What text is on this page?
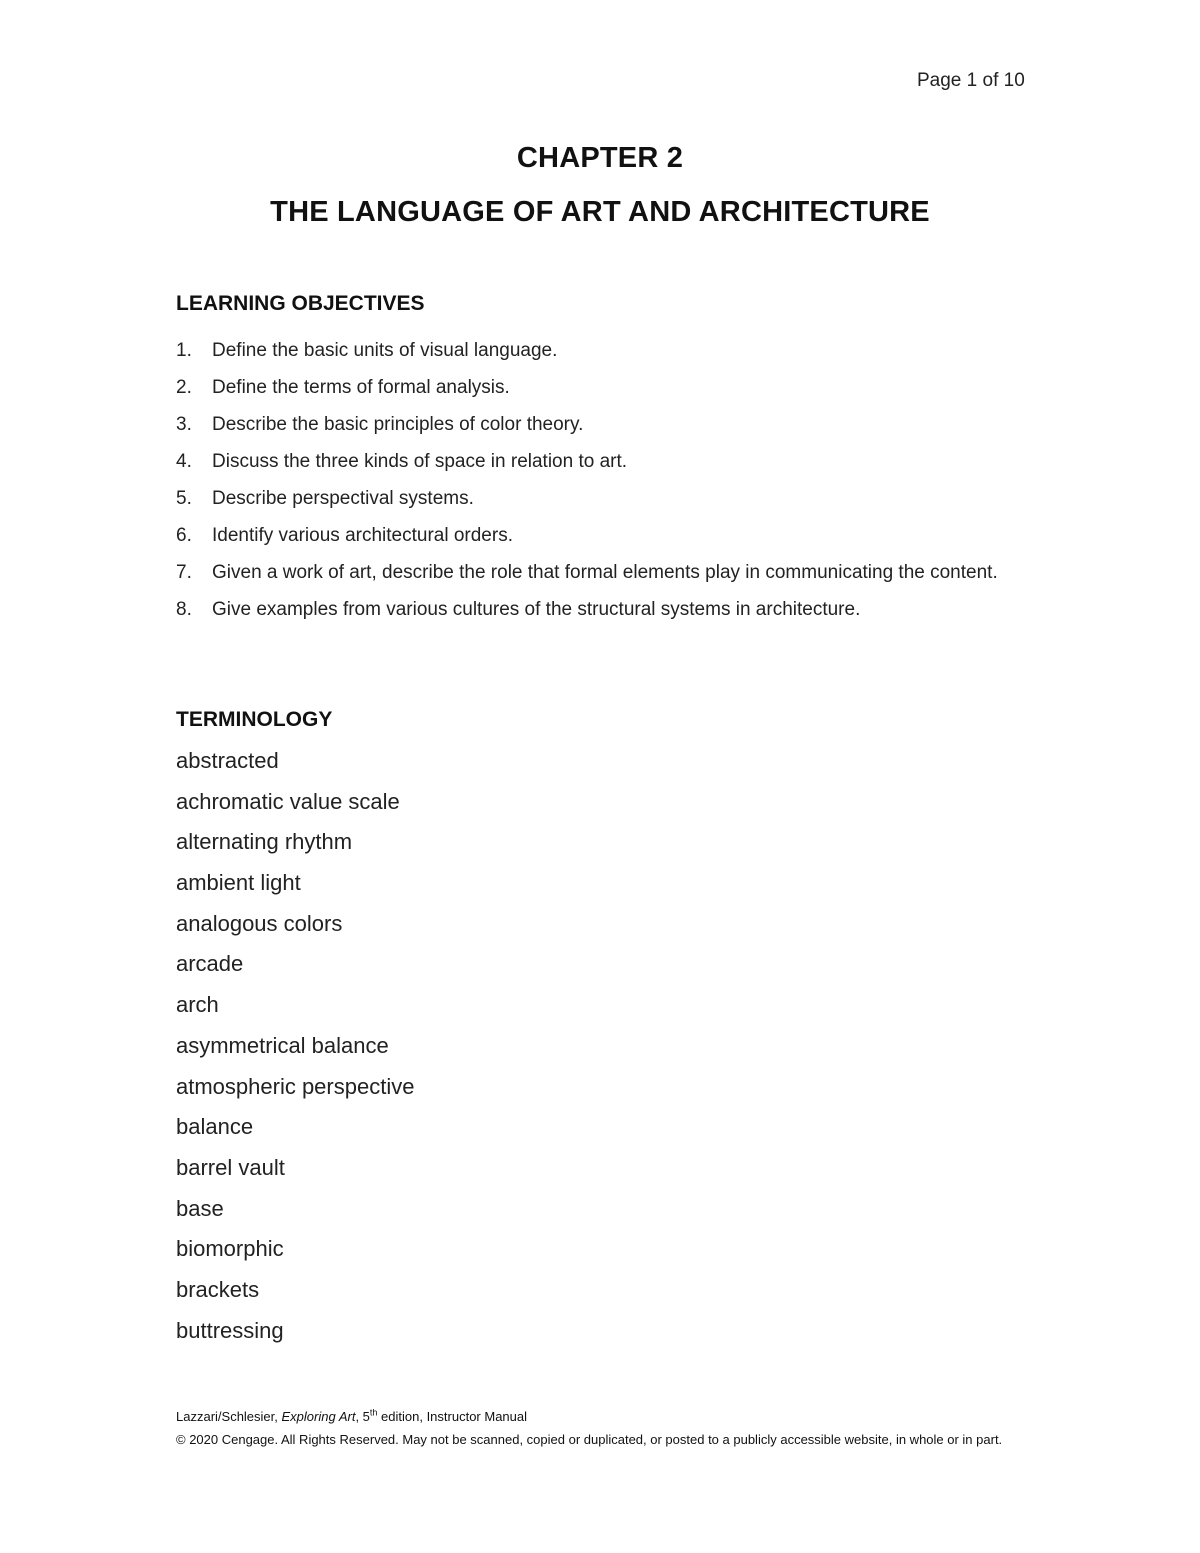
Page 1 of 10
CHAPTER 2
THE LANGUAGE OF ART AND ARCHITECTURE
LEARNING OBJECTIVES
1.	Define the basic units of visual language.
2.	Define the terms of formal analysis.
3.	Describe the basic principles of color theory.
4.	Discuss the three kinds of space in relation to art.
5.	Describe perspectival systems.
6.	Identify various architectural orders.
7.	Given a work of art, describe the role that formal elements play in communicating the content.
8.	Give examples from various cultures of the structural systems in architecture.
TERMINOLOGY
abstracted
achromatic value scale
alternating rhythm
ambient light
analogous colors
arcade
arch
asymmetrical balance
atmospheric perspective
balance
barrel vault
base
biomorphic
brackets
buttressing
Lazzari/Schlesier, Exploring Art, 5th edition, Instructor Manual
© 2020 Cengage. All Rights Reserved. May not be scanned, copied or duplicated, or posted to a publicly accessible website, in whole or in part.
